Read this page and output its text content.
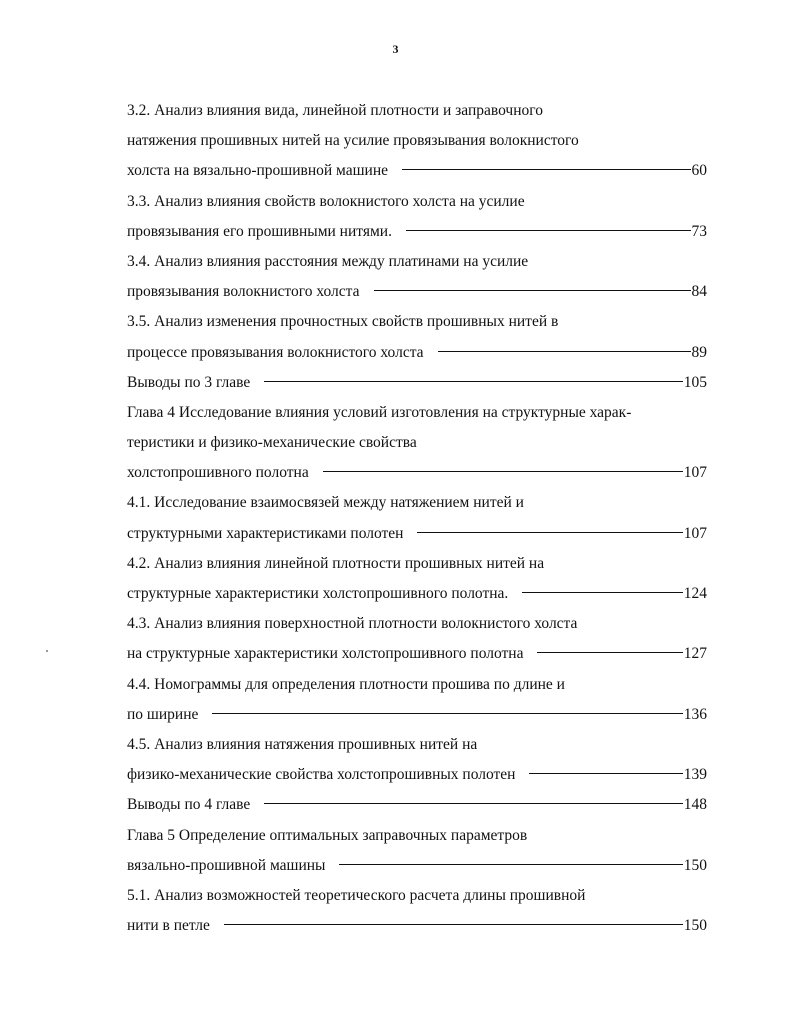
3
3.2. Анализ влияния вида, линейной плотности и заправочного
натяжения прошивных нитей на усилие провязывания волокнистого
холста на вязально-прошивной машине	60
3.3. Анализ влияния свойств волокнистого холста на усилие
провязывания его прошивными нитями.	73
3.4. Анализ влияния расстояния между платинами на усилие
провязывания волокнистого холста	84
3.5. Анализ изменения прочностных свойств прошивных нитей в
процессе провязывания волокнистого холста	89
Выводы по 3 главе	105
Глава 4 Исследование влияния условий изготовления на структурные харак-
теристики и физико-механические свойства
холстопрошивного полотна	107
4.1. Исследование взаимосвязей между натяжением нитей и
структурными характеристиками полотен	107
4.2. Анализ влияния линейной плотности прошивных нитей на
структурные характеристики холстопрошивного полотна.	124
4.3. Анализ влияния поверхностной плотности волокнистого холста
на структурные характеристики холстопрошивного полотна	127
4.4. Номограммы для определения плотности прошива по длине и
по ширине	136
4.5. Анализ влияния натяжения прошивных нитей на
физико-механические свойства холстопрошивных полотен	139
Выводы по 4 главе	148
Глава 5 Определение оптимальных заправочных параметров
вязально-прошивной машины	150
5.1. Анализ возможностей теоретического расчета длины прошивной
нити в петле	150
